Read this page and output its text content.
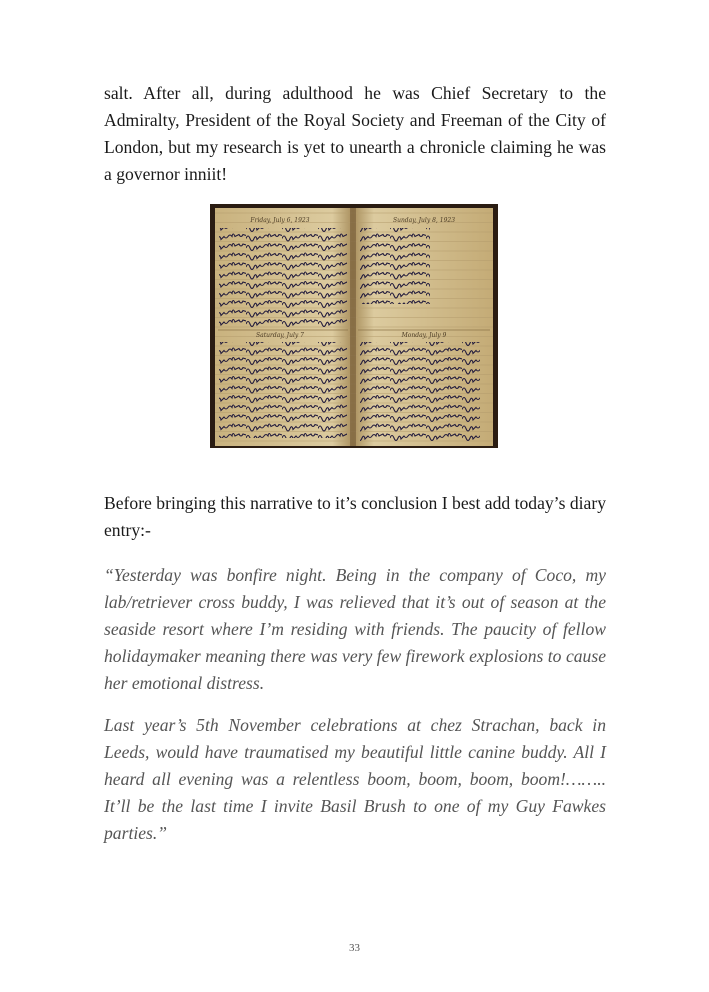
salt. After all, during adulthood he was Chief Secretary to the Admiralty, President of the Royal Society and Freeman of the City of London, but my research is yet to unearth a chronicle claiming he was a governor inniit!

Friday, July 6, 1923	Sunday, July 8, 1923
Saturday, July 7	Monday, July 9

Before bringing this narrative to it’s conclusion I best add today’s diary entry:-

“Yesterday was bonfire night. Being in the company of Coco, my lab/retriever cross buddy, I was relieved that it’s out of season at the seaside resort where I’m residing with friends. The paucity of fellow holidaymaker meaning there was very few firework explosions to cause her emotional distress.

Last year’s 5th November celebrations at chez Strachan, back in Leeds, would have traumatised my beautiful little canine buddy. All I heard all evening was a relentless boom, boom, boom, boom!…….. It’ll be the last time I invite Basil Brush to one of my Guy Fawkes parties.”

33
